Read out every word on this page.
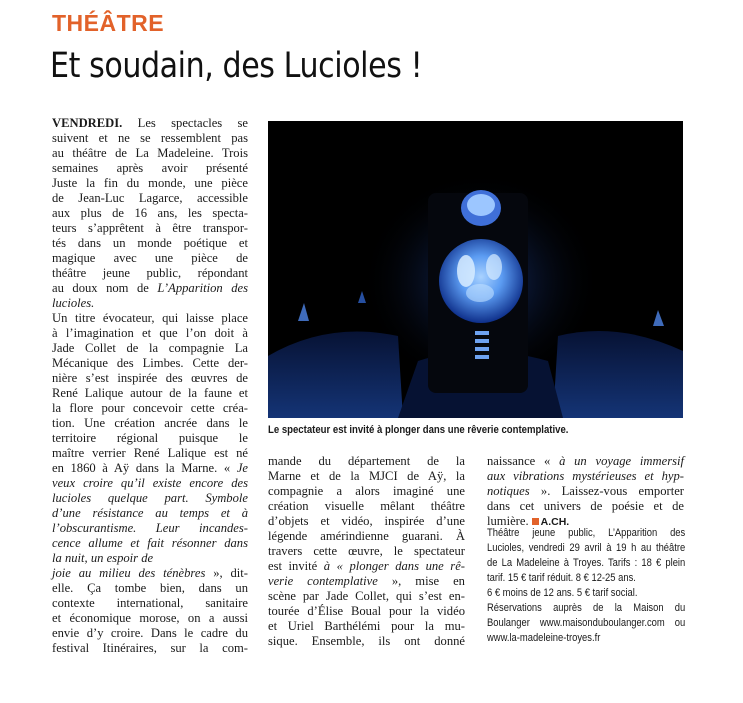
THÉÂTRE
Et soudain, des Lucioles !
VENDREDI. Les spectacles se
suivent et ne se ressemblent pas
au théâtre de La Madeleine. Trois
semaines après avoir présenté
Juste la fin du monde, une pièce
de Jean-Luc Lagarce, accessible
aux plus de 16 ans, les specta-
teurs s’apprêtent à être transpor-
tés dans un monde poétique et
magique avec une pièce de
théâtre jeune public, répondant
au doux nom de L’Apparition des
lucioles.
Un titre évocateur, qui laisse place
à l’imagination et que l’on doit à
Jade Collet de la compagnie La
Mécanique des Limbes. Cette der-
nière s’est inspirée des œuvres de
René Lalique autour de la faune et
la flore pour concevoir cette créa-
tion. Une création ancrée dans le
territoire régional puisque le
maître verrier René Lalique est né
en 1860 à Aÿ dans la Marne. « Je
veux croire qu’il existe encore des
lucioles quelque part. Symbole
d’une résistance au temps et à
l’obscurantisme. Leur incandes-
cence allume et fait résonner dans
la nuit, un espoir de
joie au milieu des ténèbres », dit-
elle. Ça tombe bien, dans un
contexte international, sanitaire
et économique morose, on a aussi
envie d’y croire. Dans le cadre du
festival Itinéraires, sur la com-
Le spectateur est invité à plonger dans une rêverie contemplative.
mande du département de la
Marne et de la MJCI de Aÿ, la
compagnie a alors imaginé une
création visuelle mêlant théâtre
d’objets et vidéo, inspirée d’une
légende amérindienne guarani. À
travers cette œuvre, le spectateur
est invité à « plonger dans une rê-
verie contemplative », mise en
scène par Jade Collet, qui s’est en-
tourée d’Élise Boual pour la vidéo
et Uriel Barthélémi pour la mu-
sique. Ensemble, ils ont donné
naissance « à un voyage immersif
aux vibrations mystérieuses et hyp-
notiques ». Laissez-vous emporter
dans cet univers de poésie et de
lumière. A.CH.
Théâtre jeune public, L’Apparition des
Lucioles, vendredi 29 avril à 19 h au théâtre
de La Madeleine à Troyes. Tarifs : 18 € plein
tarif. 15 € tarif réduit. 8 € 12-25 ans.
6 € moins de 12 ans. 5 € tarif social.
Réservations auprès de la Maison du
Boulanger www.maisonduboulanger.com ou
www.la-madeleine-troyes.fr
